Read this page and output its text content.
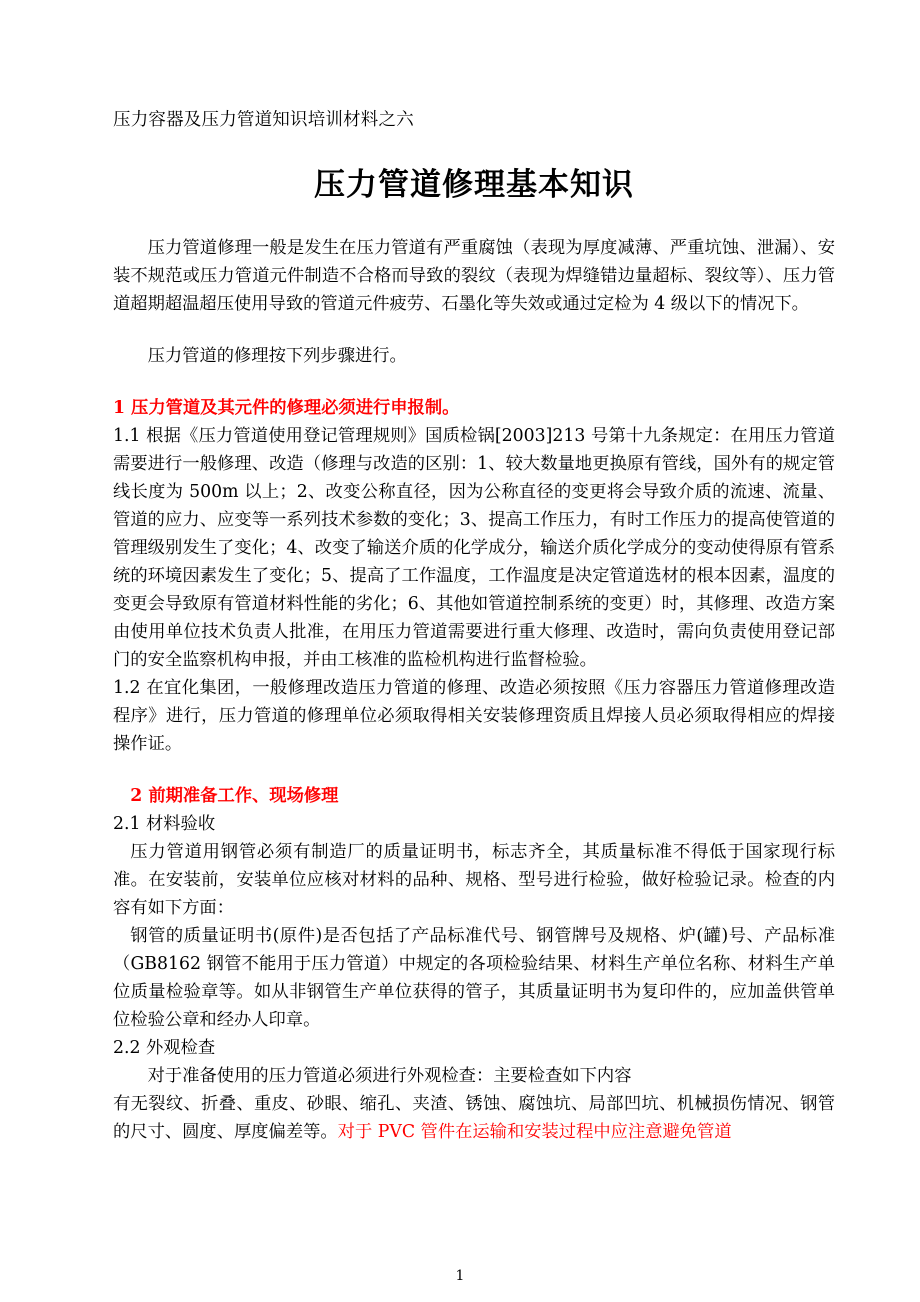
压力容器及压力管道知识培训材料之六
压力管道修理基本知识

压力管道修理一般是发生在压力管道有严重腐蚀（表现为厚度减薄、严重坑蚀、泄漏）、安装不规范或压力管道元件制造不合格而导致的裂纹（表现为焊缝错边量超标、裂纹等）、压力管道超期超温超压使用导致的管道元件疲劳、石墨化等失效或通过定检为 4 级以下的情况下。

压力管道的修理按下列步骤进行。

1 压力管道及其元件的修理必须进行申报制。

1.1 根据《压力管道使用登记管理规则》国质检锅[2003]213 号第十九条规定：在用压力管道需要进行一般修理、改造（修理与改造的区别：1、较大数量地更换原有管线，国外有的规定管线长度为 500m 以上；2、改变公称直径，因为公称直径的变更将会导致介质的流速、流量、管道的应力、应变等一系列技术参数的变化；3、提高工作压力，有时工作压力的提高使管道的管理级别发生了变化；4、改变了输送介质的化学成分，输送介质化学成分的变动使得原有管系统的环境因素发生了变化；5、提高了工作温度，工作温度是决定管道选材的根本因素，温度的变更会导致原有管道材料性能的劣化；6、其他如管道控制系统的变更）时，其修理、改造方案由使用单位技术负责人批准，在用压力管道需要进行重大修理、改造时，需向负责使用登记部门的安全监察机构申报，并由工核准的监检机构进行监督检验。

1.2 在宜化集团，一般修理改造压力管道的修理、改造必须按照《压力容器压力管道修理改造程序》进行，压力管道的修理单位必须取得相关安装修理资质且焊接人员必须取得相应的焊接操作证。

2 前期准备工作、现场修理

2.1 材料验收

压力管道用钢管必须有制造厂的质量证明书，标志齐全，其质量标准不得低于国家现行标准。在安装前，安装单位应核对材料的品种、规格、型号进行检验，做好检验记录。检查的内容有如下方面：

钢管的质量证明书(原件)是否包括了产品标准代号、钢管牌号及规格、炉(罐)号、产品标准（GB8162 钢管不能用于压力管道）中规定的各项检验结果、材料生产单位名称、材料生产单位质量检验章等。如从非钢管生产单位获得的管子，其质量证明书为复印件的，应加盖供管单位检验公章和经办人印章。

2.2 外观检查

对于准备使用的压力管道必须进行外观检查：主要检查如下内容

有无裂纹、折叠、重皮、砂眼、缩孔、夹渣、锈蚀、腐蚀坑、局部凹坑、机械损伤情况、钢管的尺寸、圆度、厚度偏差等。对于 PVC 管件在运输和安装过程中应注意避免管道

1
